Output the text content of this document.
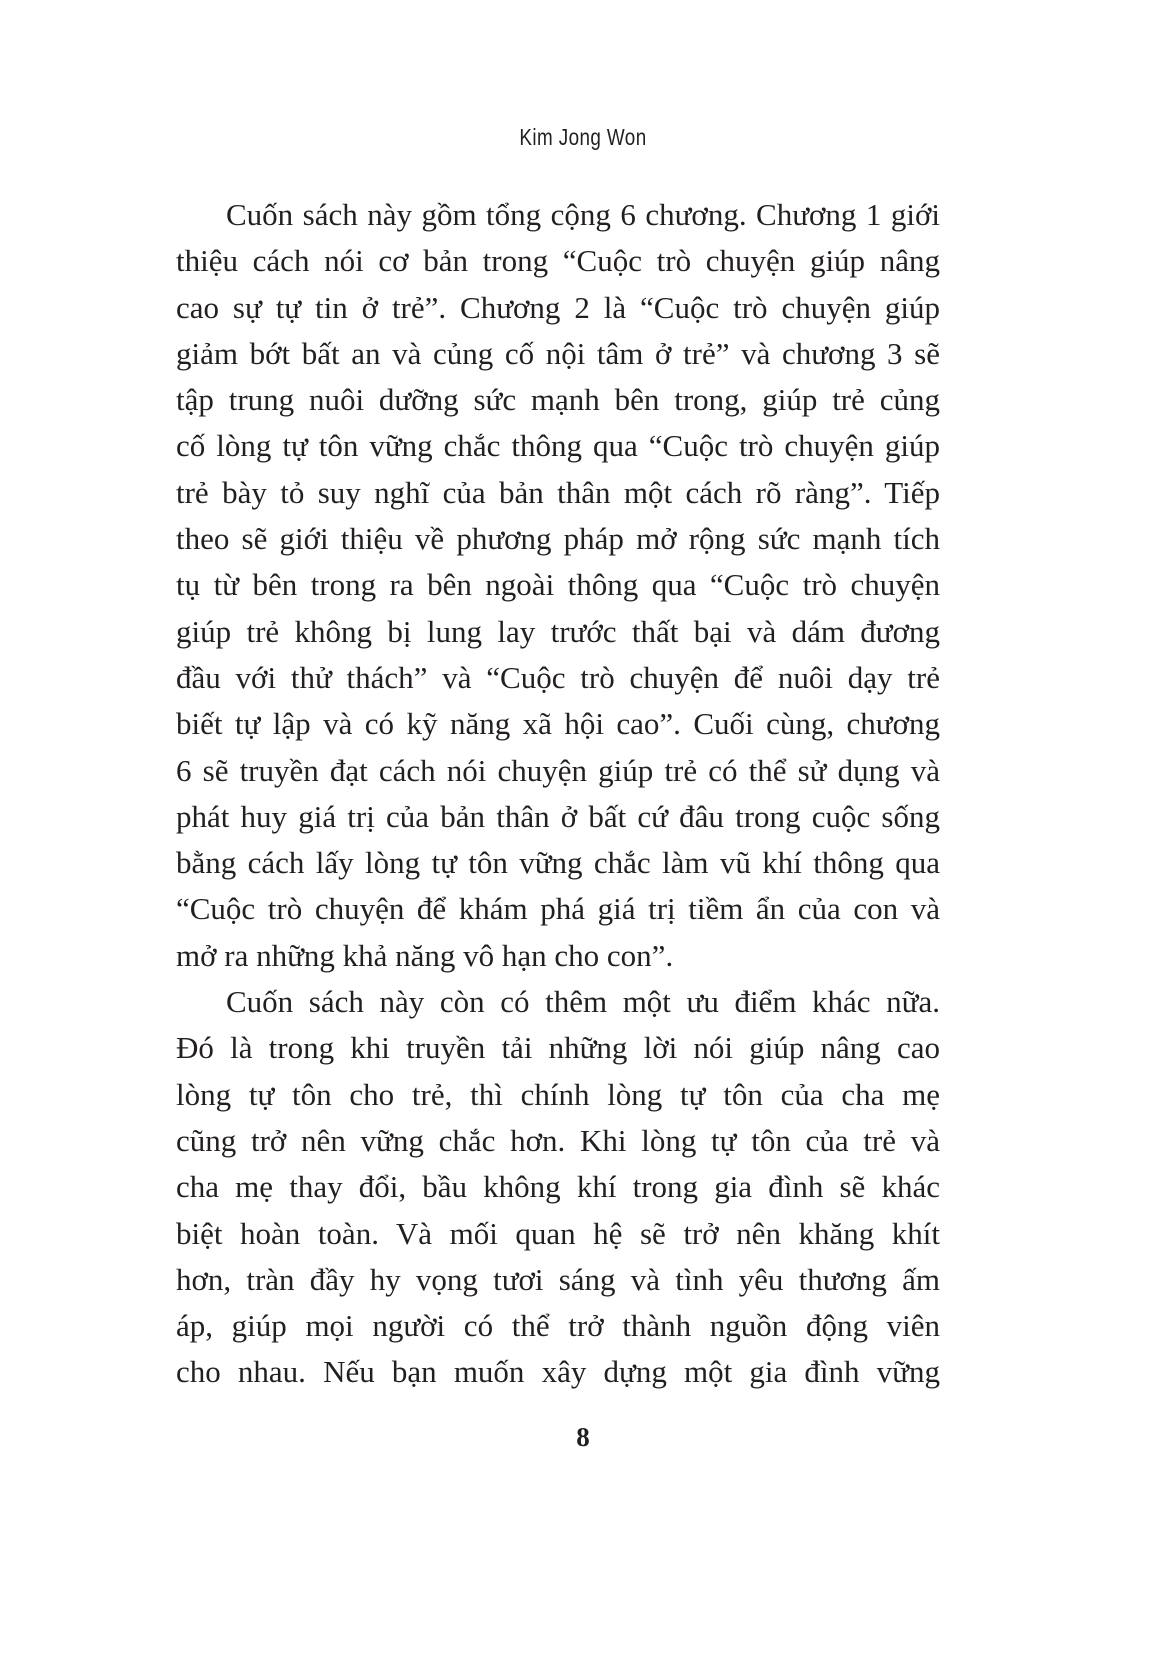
Kim Jong Won
Cuốn sách này gồm tổng cộng 6 chương. Chương 1 giới
thiệu cách nói cơ bản trong “Cuộc trò chuyện giúp nâng
cao sự tự tin ở trẻ”. Chương 2 là “Cuộc trò chuyện giúp
giảm bớt bất an và củng cố nội tâm ở trẻ” và chương 3 sẽ
tập trung nuôi dưỡng sức mạnh bên trong, giúp trẻ củng
cố lòng tự tôn vững chắc thông qua “Cuộc trò chuyện giúp
trẻ bày tỏ suy nghĩ của bản thân một cách rõ ràng”. Tiếp
theo sẽ giới thiệu về phương pháp mở rộng sức mạnh tích
tụ từ bên trong ra bên ngoài thông qua “Cuộc trò chuyện
giúp trẻ không bị lung lay trước thất bại và dám đương
đầu với thử thách” và “Cuộc trò chuyện để nuôi dạy trẻ
biết tự lập và có kỹ năng xã hội cao”. Cuối cùng, chương
6 sẽ truyền đạt cách nói chuyện giúp trẻ có thể sử dụng và
phát huy giá trị của bản thân ở bất cứ đâu trong cuộc sống
bằng cách lấy lòng tự tôn vững chắc làm vũ khí thông qua
“Cuộc trò chuyện để khám phá giá trị tiềm ẩn của con và
mở ra những khả năng vô hạn cho con”.
Cuốn sách này còn có thêm một ưu điểm khác nữa.
Đó là trong khi truyền tải những lời nói giúp nâng cao
lòng tự tôn cho trẻ, thì chính lòng tự tôn của cha mẹ
cũng trở nên vững chắc hơn. Khi lòng tự tôn của trẻ và
cha mẹ thay đổi, bầu không khí trong gia đình sẽ khác
biệt hoàn toàn. Và mối quan hệ sẽ trở nên khăng khít
hơn, tràn đầy hy vọng tươi sáng và tình yêu thương ấm
áp, giúp mọi người có thể trở thành nguồn động viên
cho nhau. Nếu bạn muốn xây dựng một gia đình vững
8
